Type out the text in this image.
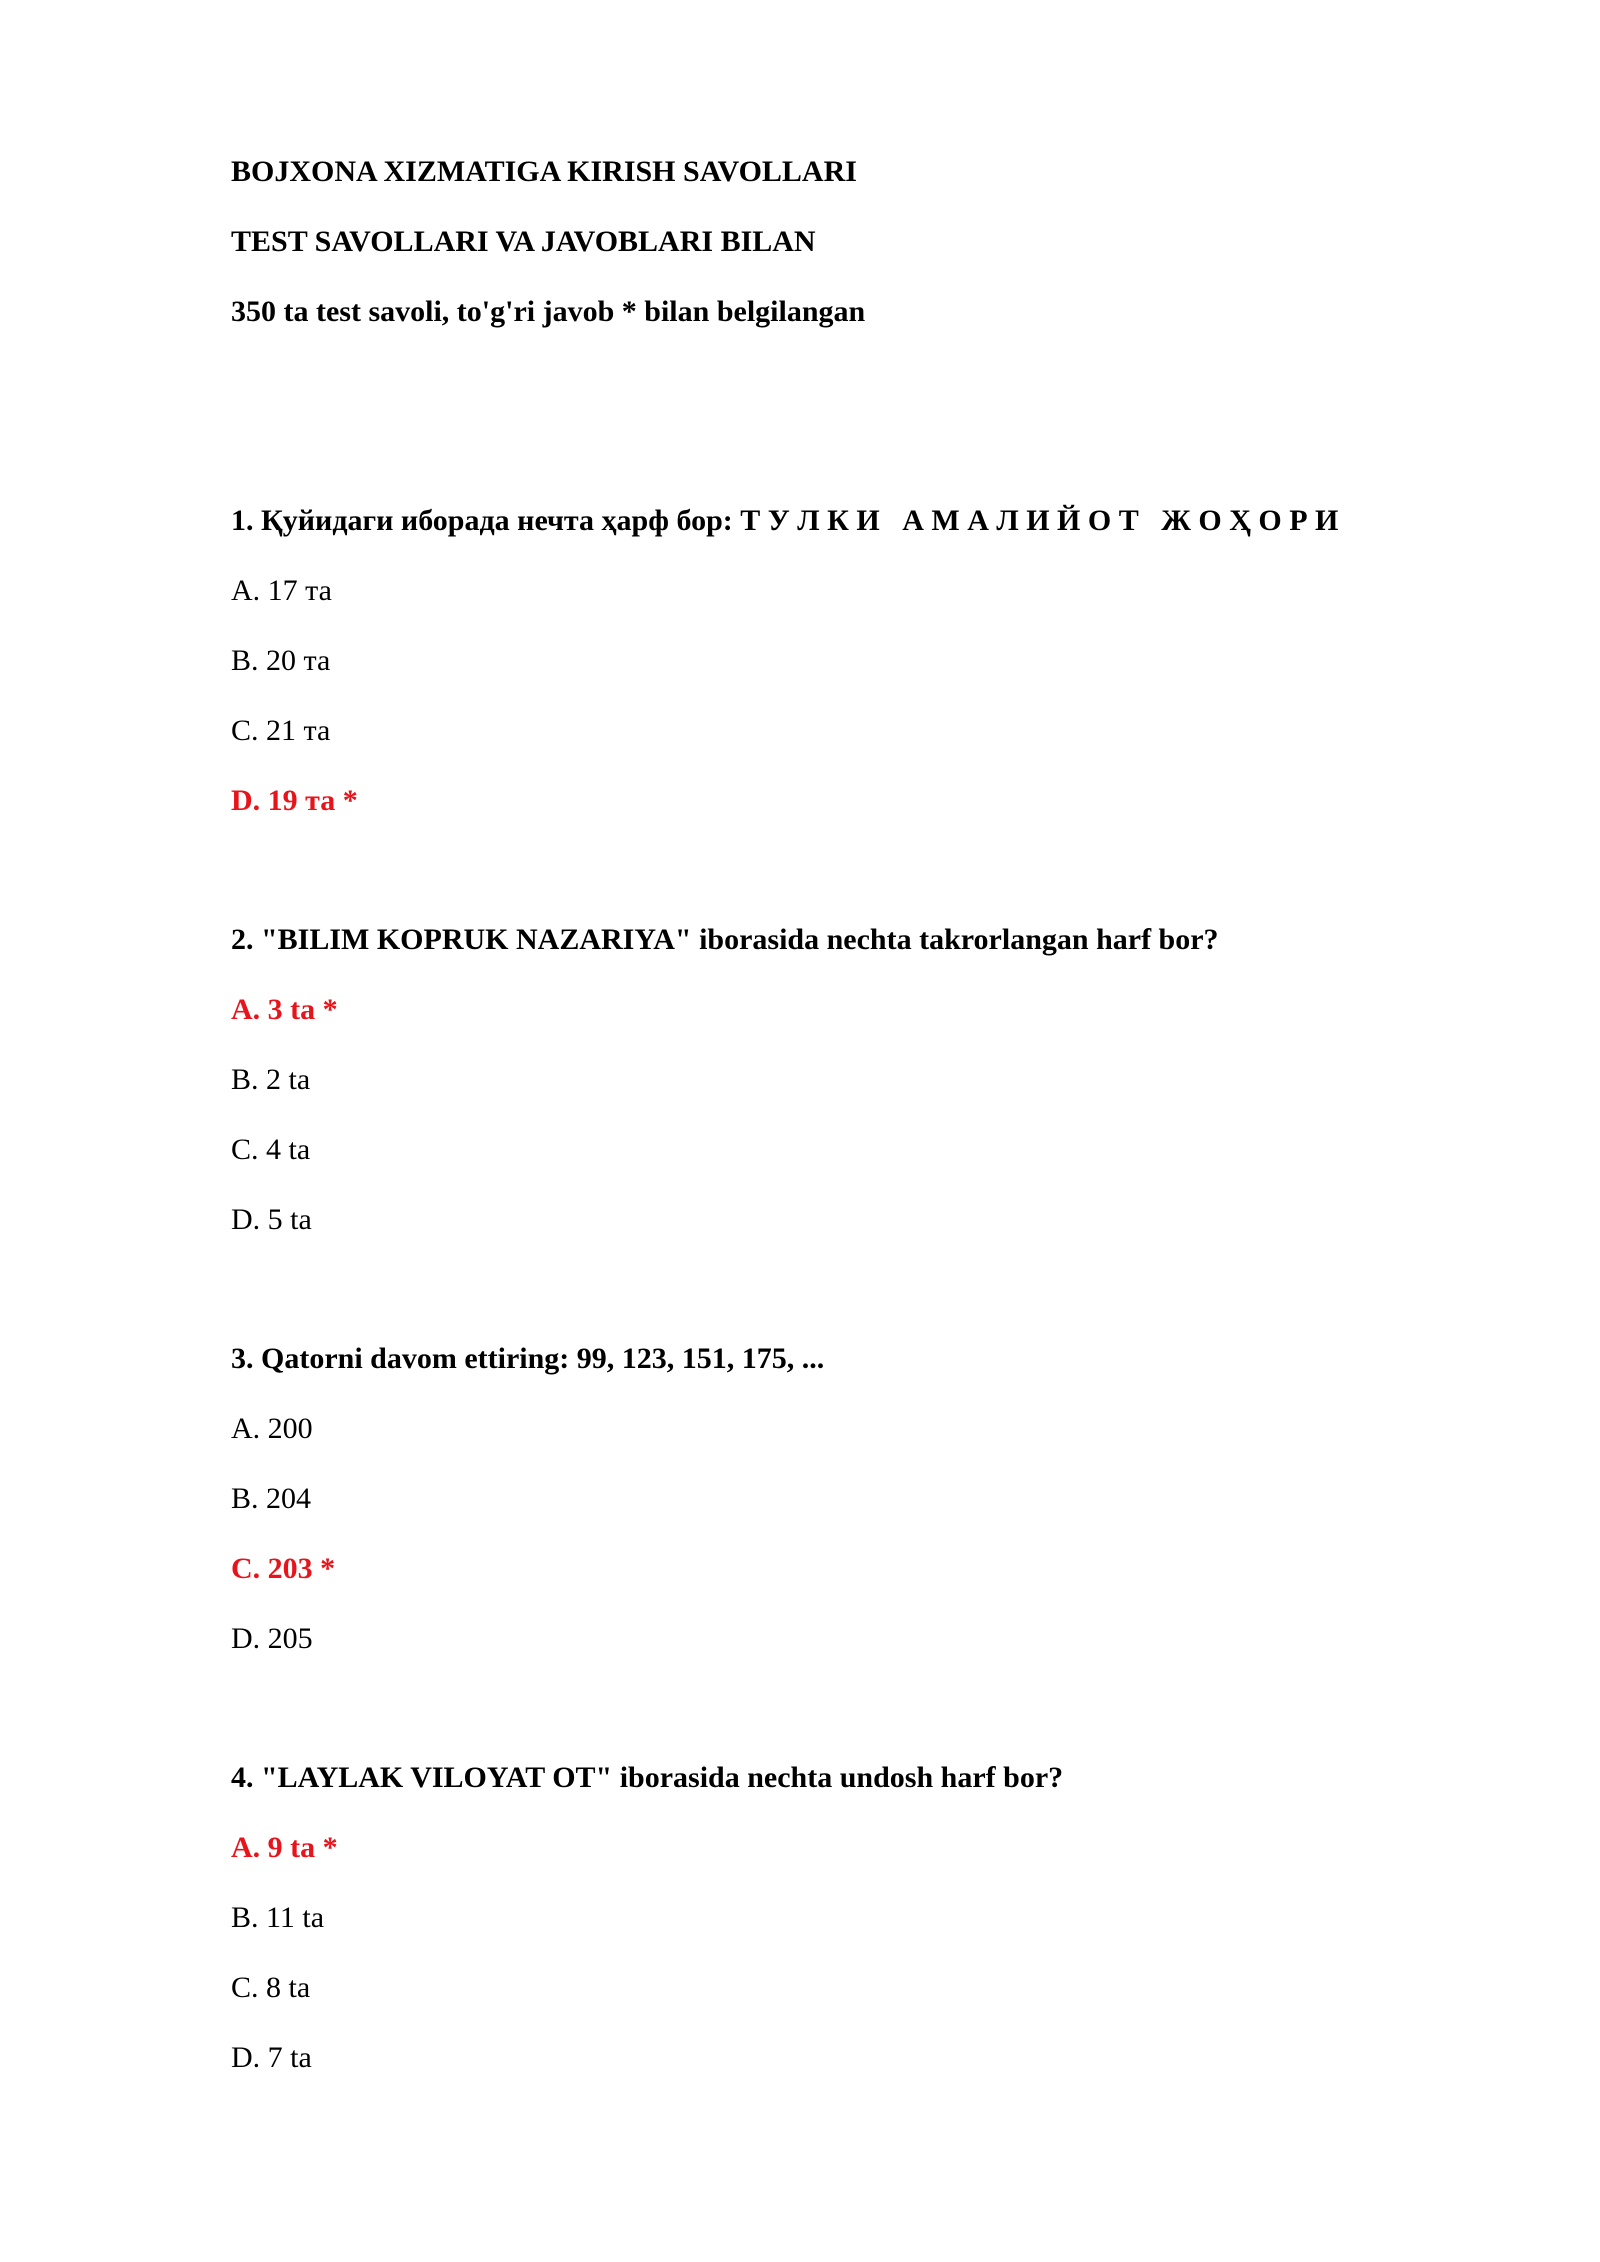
BOJXONA XIZMATIGA KIRISH SAVOLLARI
TEST SAVOLLARI VA JAVOBLARI BILAN
350 ta test savoli, to'g'ri javob * bilan belgilangan
1. Қуйидаги иборада нечта ҳарф бор: Т У Л К И   А М А Л И Й О Т   Ж О Ҳ О Р И
A. 17 та
B. 20 та
C. 21 та
D. 19 та *
2. "BILIM KOPRUK NAZARIYA" iborasida nechta takrorlangan harf bor?
A. 3 ta *
B. 2 ta
C. 4 ta
D. 5 ta
3. Qatorni davom ettiring: 99, 123, 151, 175, ...
A. 200
B. 204
C. 203 *
D. 205
4. "LAYLAK VILOYAT OT" iborasida nechta undosh harf bor?
A. 9 ta *
B. 11 ta
C. 8 ta
D. 7 ta
